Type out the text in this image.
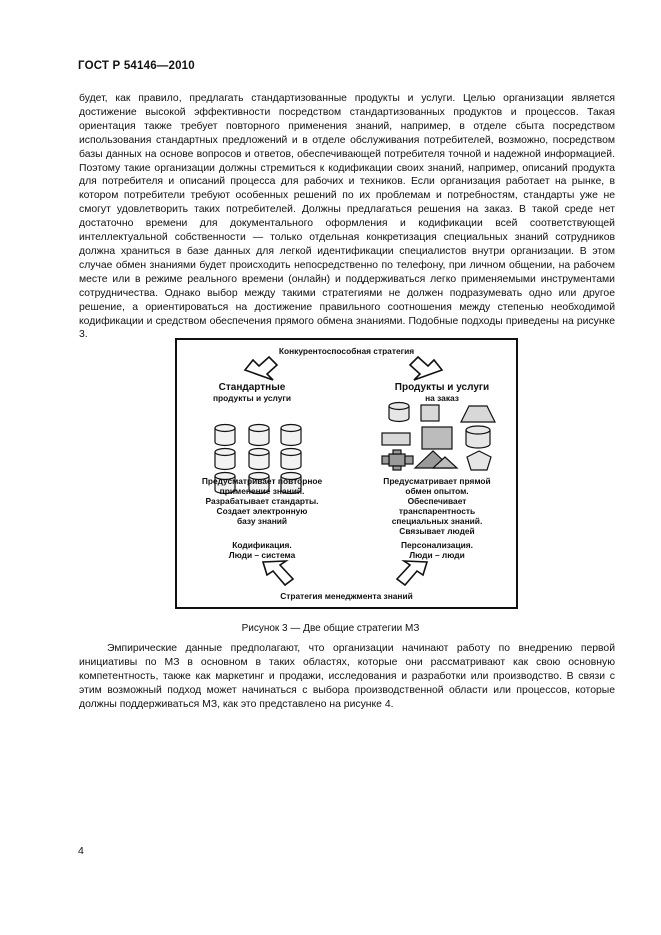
ГОСТ Р 54146—2010

будет, как правило, предлагать стандартизованные продукты и услуги. Целью организации является достижение высокой эффективности посредством стандартизованных продуктов и процессов. Такая ориентация также требует повторного применения знаний, например, в отделе сбыта посредством использования стандартных предложений и в отделе обслуживания потребителей, возможно, посредством базы данных на основе вопросов и ответов, обеспечивающей потребителя точной и надежной информацией. Поэтому такие организации должны стремиться к кодификации своих знаний, например, описаний продукта для потребителя и описаний процесса для рабочих и техников. Если организация работает на рынке, в котором потребители требуют особенных решений по их проблемам и потребностям, стандарты уже не смогут удовлетворить таких потребителей. Должны предлагаться решения на заказ. В такой среде нет достаточно времени для документального оформления и кодификации всей соответствующей интеллектуальной собственности — только отдельная конкретизация специальных знаний сотрудников должна храниться в базе данных для легкой идентификации специалистов внутри организации. В этом случае обмен знаниями будет происходить непосредственно по телефону, при личном общении, на рабочем месте или в режиме реального времени (онлайн) и поддерживаться легко применяемыми инструментами сотрудничества. Однако выбор между такими стратегиями не должен подразумевать одно или другое решение, а ориентироваться на достижение правильного соотношения между степенью необходимой кодификации и средством обеспечения прямого обмена знаниями. Подобные подходы приведены на рисунке 3.

Конкурентоспособная стратегия
Стандартные
продукты и услуги
Продукты и услуги
на заказ
Предусматривает повторное
применение знаний.
Разрабатывает стандарты.
Создает электронную
базу знаний
Предусматривает прямой
обмен опытом.
Обеспечивает
транспарентность
специальных знаний.
Связывает людей
Кодификация.
Люди – система
Персонализация.
Люди – люди
Стратегия менеджмента знаний
Рисунок 3 — Две общие стратегии МЗ

Эмпирические данные предполагают, что организации начинают работу по внедрению первой инициативы по МЗ в основном в таких областях, которые они рассматривают как свою основную компетентность, также как маркетинг и продажи, исследования и разработки или производство. В связи с этим возможный подход может начинаться с выбора производственной области или процессов, которые должны поддерживаться МЗ, как это представлено на рисунке 4.

4
